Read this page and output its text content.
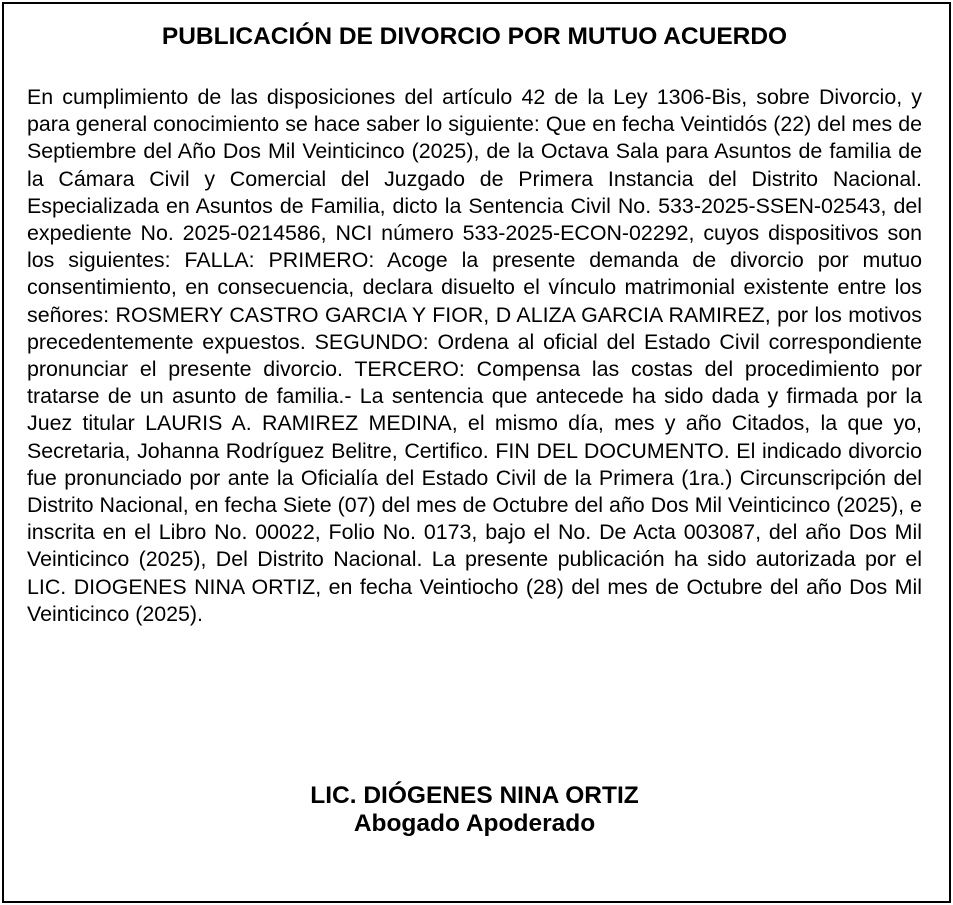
PUBLICACIÓN DE DIVORCIO POR MUTUO ACUERDO
En cumplimiento de las disposiciones del artículo 42 de la Ley 1306-Bis, sobre Divorcio, y para general conocimiento se hace saber lo siguiente: Que en fecha Veintidós (22) del mes de Septiembre del Año Dos Mil Veinticinco (2025), de la Octava Sala para Asuntos de familia de la Cámara Civil y Comercial del Juzgado de Primera Instancia del Distrito Nacional. Especializada en Asuntos de Familia, dicto la Sentencia Civil No. 533-2025-SSEN-02543, del expediente No. 2025-0214586, NCI número 533-2025-ECON-02292, cuyos dispositivos son los siguientes: FALLA: PRIMERO: Acoge la presente demanda de divorcio por mutuo consentimiento, en consecuencia, declara disuelto el vínculo matrimonial existente entre los señores: ROSMERY CASTRO GARCIA Y FIOR, D ALIZA GARCIA RAMIREZ, por los motivos precedentemente expuestos. SEGUNDO: Ordena al oficial del Estado Civil correspondiente pronunciar el presente divorcio. TERCERO: Compensa las costas del procedimiento por tratarse de un asunto de familia.- La sentencia que antecede ha sido dada y firmada por la Juez titular LAURIS A. RAMIREZ MEDINA, el mismo día, mes y año Citados, la que yo, Secretaria, Johanna Rodríguez Belitre, Certifico. FIN DEL DOCUMENTO. El indicado divorcio fue pronunciado por ante la Oficialía del Estado Civil de la Primera (1ra.) Circunscripción del Distrito Nacional, en fecha Siete (07) del mes de Octubre del año Dos Mil Veinticinco (2025), e inscrita en el Libro No. 00022, Folio No. 0173, bajo el No. De Acta 003087, del año Dos Mil Veinticinco (2025), Del Distrito Nacional. La presente publicación ha sido autorizada por el LIC. DIOGENES NINA ORTIZ, en fecha Veintiocho (28) del mes de Octubre del año Dos Mil Veinticinco (2025).
LIC. DIÓGENES NINA ORTIZ
Abogado Apoderado
